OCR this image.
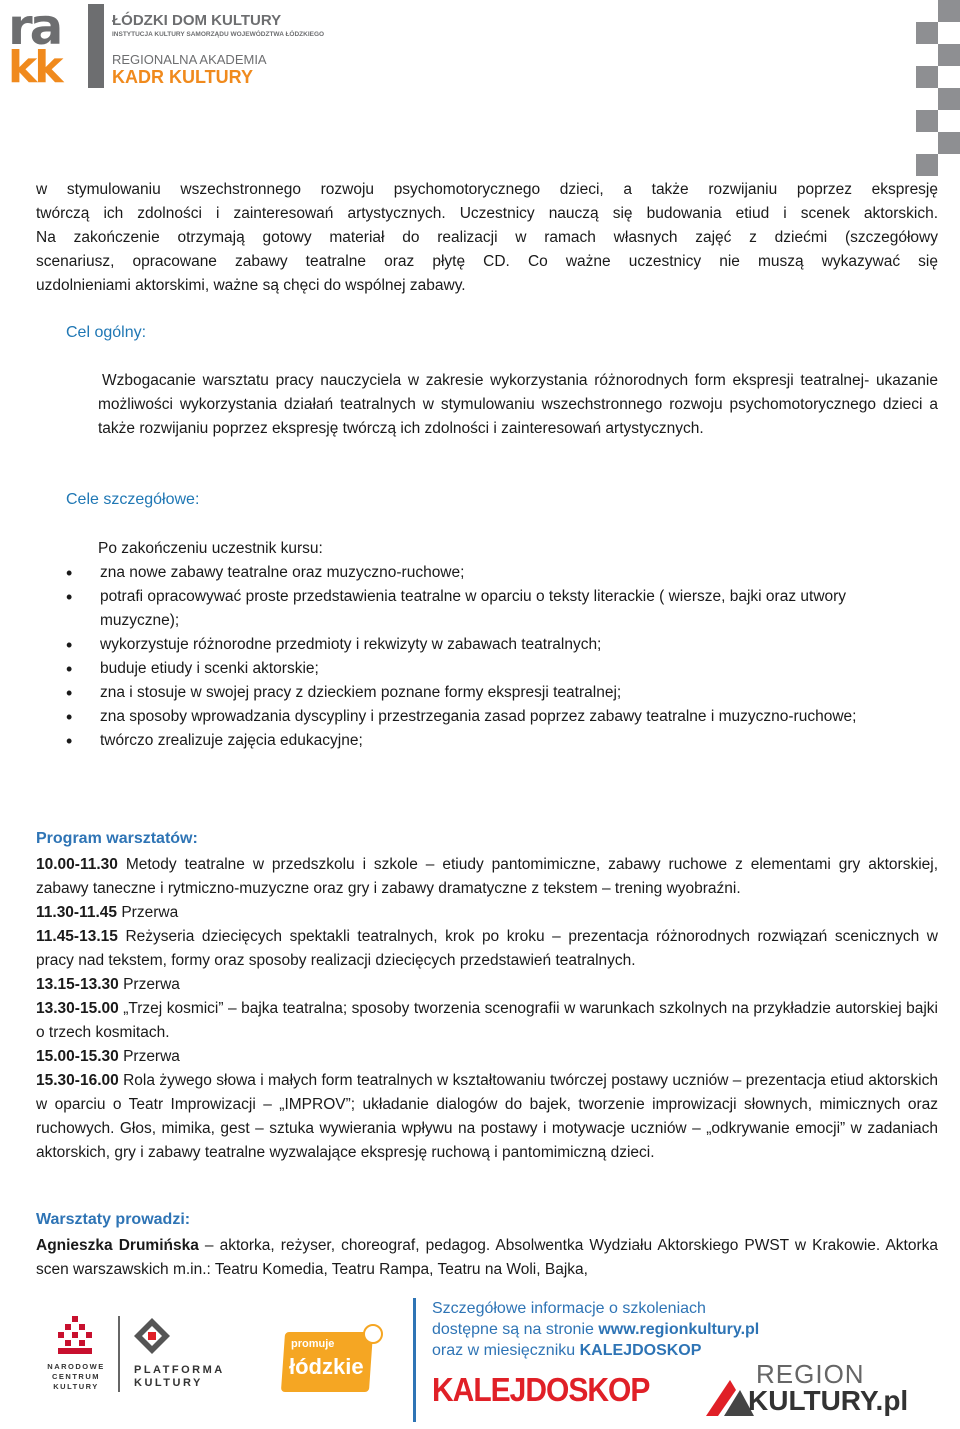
ra
kk
ŁÓDZKI DOM KULTURY
INSTYTUCJA KULTURY SAMORZĄDU WOJEWÓDZTWA ŁÓDZKIEGO
REGIONALNA AKADEMIA
KADR KULTURY
w stymulowaniu wszechstronnego rozwoju psychomotorycznego dzieci, a także rozwijaniu poprzez ekspresję
twórczą ich zdolności i zainteresowań artystycznych. Uczestnicy nauczą się budowania etiud i scenek aktorskich.
Na zakończenie otrzymają gotowy materiał do realizacji w ramach własnych zajęć z dziećmi (szczegółowy
scenariusz, opracowane zabawy teatralne oraz płytę CD. Co ważne uczestnicy nie muszą wykazywać się
uzdolnieniami aktorskimi, ważne są chęci do wspólnej zabawy.
Cel ogólny:
Wzbogacanie warsztatu pracy nauczyciela w zakresie wykorzystania różnorodnych form ekspresji teatralnej- ukazanie możliwości wykorzystania działań teatralnych w stymulowaniu wszechstronnego rozwoju psychomotorycznego dzieci a także rozwijaniu poprzez ekspresję twórczą ich zdolności i zainteresowań artystycznych.
Cele szczegółowe:
Po zakończeniu uczestnik kursu:
• zna nowe zabawy teatralne oraz muzyczno-ruchowe;
• potrafi opracowywać proste przedstawienia teatralne w oparciu o teksty literackie ( wiersze, bajki oraz utwory muzyczne);
• wykorzystuje różnorodne przedmioty i rekwizyty w zabawach teatralnych;
• buduje etiudy i scenki aktorskie;
• zna i stosuje w swojej pracy z dzieckiem poznane formy ekspresji teatralnej;
• zna sposoby wprowadzania dyscypliny i przestrzegania zasad poprzez zabawy teatralne i muzyczno-ruchowe;
• twórczo zrealizuje zajęcia edukacyjne;
Program warsztatów:
10.00-11.30 Metody teatralne w przedszkolu i szkole – etiudy pantomimiczne, zabawy ruchowe z elementami gry aktorskiej, zabawy taneczne i rytmiczno-muzyczne oraz gry i zabawy dramatyczne z tekstem – trening wyobraźni.
11.30-11.45 Przerwa
11.45-13.15 Reżyseria dziecięcych spektakli teatralnych, krok po kroku – prezentacja różnorodnych rozwiązań scenicznych w pracy nad tekstem, formy oraz sposoby realizacji dziecięcych przedstawień teatralnych.
13.15-13.30 Przerwa
13.30-15.00 „Trzej kosmici” – bajka teatralna; sposoby tworzenia scenografii w warunkach szkolnych na przykładzie autorskiej bajki o trzech kosmitach.
15.00-15.30 Przerwa
15.30-16.00 Rola żywego słowa i małych form teatralnych w kształtowaniu twórczej postawy uczniów – prezentacja etiud aktorskich w oparciu o Teatr Improwizacji – „IMPROV”; układanie dialogów do bajek, tworzenie improwizacji słownych, mimicznych oraz ruchowych. Głos, mimika, gest – sztuka wywierania wpływu na postawy i motywacje uczniów – „odkrywanie emocji” w zadaniach aktorskich, gry i zabawy teatralne wyzwalające ekspresję ruchową i pantomimiczną dzieci.
Warsztaty prowadzi:
Agnieszka Drumińska – aktorka, reżyser, choreograf, pedagog. Absolwentka Wydziału Aktorskiego PWST w Krakowie. Aktorka scen warszawskich m.in.: Teatru Komedia, Teatru Rampa, Teatru na Woli, Bajka,
NARODOWE
CENTRUM
KULTURY
PLATFORMA
KULTURY
promuje
łódzkie
Szczegółowe informacje o szkoleniach
dostępne są na stronie www.regionkultury.pl
oraz w miesięczniku KALEJDOSKOP
KALEJDOSKOP	REGION
KULTURY.pl
